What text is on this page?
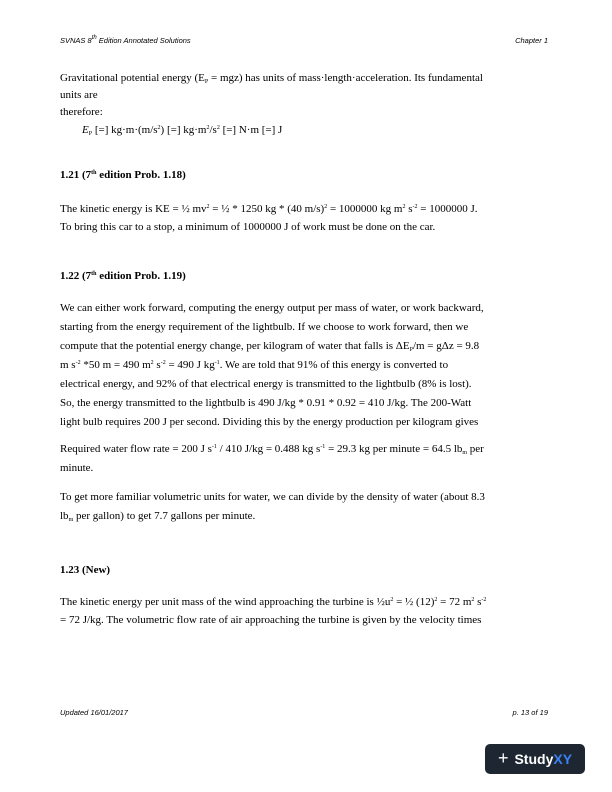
SVNAS 8th Edition Annotated Solutions	Chapter 1

Gravitational potential energy $(E_P = mgz)$ has units of mass·length·acceleration. Its fundamental
units are
therefore:

$E_P$ [=] $kg\cdot m\cdot(m/s^2)$ [=] $kg\cdot m^2/s^2$ [=] N·m [=] J

1.21 (7th edition Prob. 1.18)

The kinetic energy is KE = ½ $mv^2$ = ½ * 1250 kg * (40 m/s)$^2$ = 1000000 kg $m^2$ $s^{-2} = 1000000$ J.
To bring this car to a stop, a minimum of 1000000 J of work must be done on the car.

1.22 (7th edition Prob. 1.19)

We can either work forward, computing the energy output per mass of water, or work backward,
starting from the energy requirement of the lightbulb. If we choose to work forward, then we
compute that the potential energy change, per kilogram of water that falls is $\Delta E_P/m = g\Delta z = 9.8$
m $s^{-2}$ *50 m = 490 $m^2$ $s^{-2} = 490$ J $kg^{-1}$. We are told that 91% of this energy is converted to
electrical energy, and 92% of that electrical energy is transmitted to the lightbulb (8% is lost).
So, the energy transmitted to the lightbulb is 490 J/kg * 0.91 * 0.92 = 410 J/kg. The 200-Watt
light bulb requires 200 J per second. Dividing this by the energy production per kilogram gives

Required water flow rate = 200 J $s^{-1} / 410$ J/kg = 0.488 kg $s^{-1} = 29.3$ kg per minute = 64.5 $lb_m$ per
minute.

To get more familiar volumetric units for water, we can divide by the density of water (about 8.3
$lb_m$ per gallon) to get 7.7 gallons per minute.

1.23 (New)

The kinetic energy per unit mass of the wind approaching the turbine is $\frac{1}{2}u^2$ = ½ $(12)^2 = 72$ $m^2$ $s^{-2}$
= 72 J/kg. The volumetric flow rate of air approaching the turbine is given by the velocity times

Updated 16/01/2017	p. 13 of 19
+ StudyXY
